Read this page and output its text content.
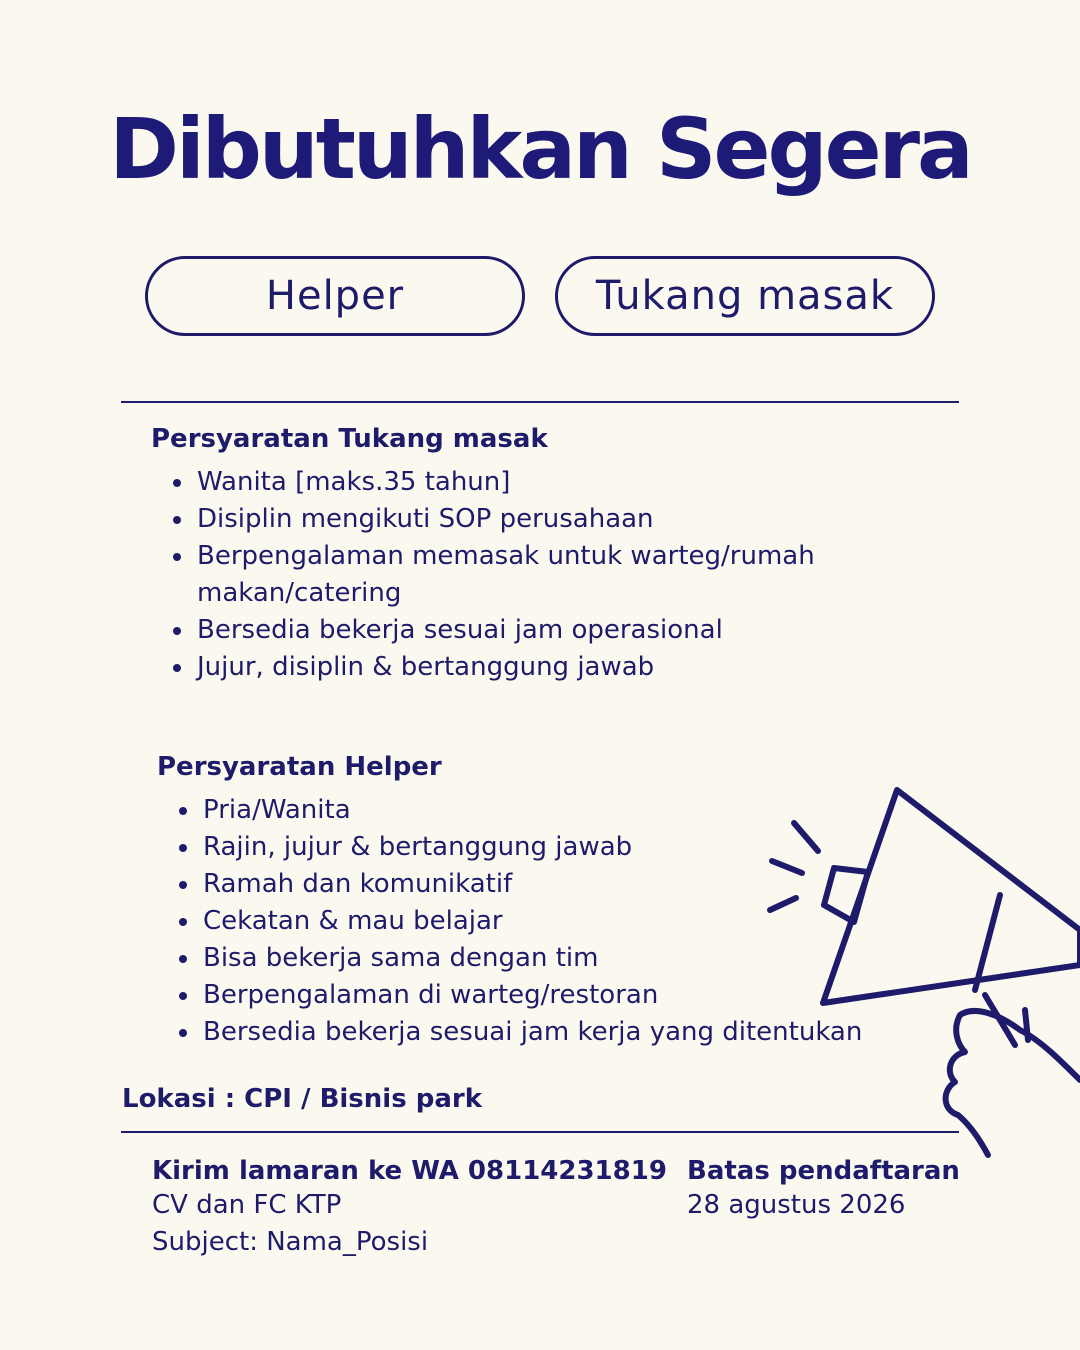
Dibutuhkan Segera
Helper	Tukang masak
Persyaratan Tukang masak
Wanita [maks.35 tahun]
Disiplin mengikuti SOP perusahaan
Berpengalaman memasak untuk warteg/rumah makan/catering
Bersedia bekerja sesuai jam operasional
Jujur, disiplin & bertanggung jawab
Persyaratan Helper
Pria/Wanita
Rajin, jujur & bertanggung jawab
Ramah dan komunikatif
Cekatan & mau belajar
Bisa bekerja sama dengan tim
Berpengalaman di warteg/restoran
Bersedia bekerja sesuai jam kerja yang ditentukan
Lokasi : CPI / Bisnis park
Kirim lamaran ke WA 08114231819
CV dan FC KTP
Subject: Nama_Posisi
Batas pendaftaran
28 agustus 2026
